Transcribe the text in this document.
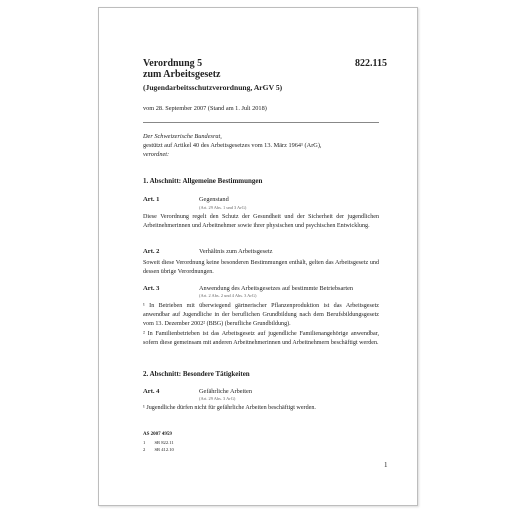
Verordnung 5	822.115
zum Arbeitsgesetz
(Jugendarbeitsschutzverordnung, ArGV 5)
vom 28. September 2007 (Stand am 1. Juli 2018)
Der Schweizerische Bundesrat,
gestützt auf Artikel 40 des Arbeitsgesetzes vom 13. März 1964¹ (ArG),
verordnet:
1. Abschnitt: Allgemeine Bestimmungen
Art. 1	Gegenstand
(Art. 29 Abs. 1 und 3 ArG)
Diese Verordnung regelt den Schutz der Gesundheit und der Sicherheit der jugendlichen Arbeitnehmerinnen und Arbeitnehmer sowie ihrer physischen und psychischen Entwicklung.
Art. 2	Verhältnis zum Arbeitsgesetz
Soweit diese Verordnung keine besonderen Bestimmungen enthält, gelten das Arbeitsgesetz und dessen übrige Verordnungen.
Art. 3	Anwendung des Arbeitsgesetzes auf bestimmte Betriebsarten
(Art. 2 Abs. 2 und 4 Abs. 3 ArG)
¹ In Betrieben mit überwiegend gärtnerischer Pflanzenproduktion ist das Arbeitsgesetz anwendbar auf Jugendliche in der beruflichen Grundbildung nach dem Berufsbildungsgesetz vom 13. Dezember 2002² (BBG) (berufliche Grundbildung).
² In Familienbetrieben ist das Arbeitsgesetz auf jugendliche Familienangehörige anwendbar, sofern diese gemeinsam mit anderen Arbeitnehmerinnen und Arbeitnehmern beschäftigt werden.
2. Abschnitt: Besondere Tätigkeiten
Art. 4	Gefährliche Arbeiten
(Art. 29 Abs. 3 ArG)
¹ Jugendliche dürfen nicht für gefährliche Arbeiten beschäftigt werden.
AS 2007 4959
1 SR 822.11
2 SR 412.10
1
